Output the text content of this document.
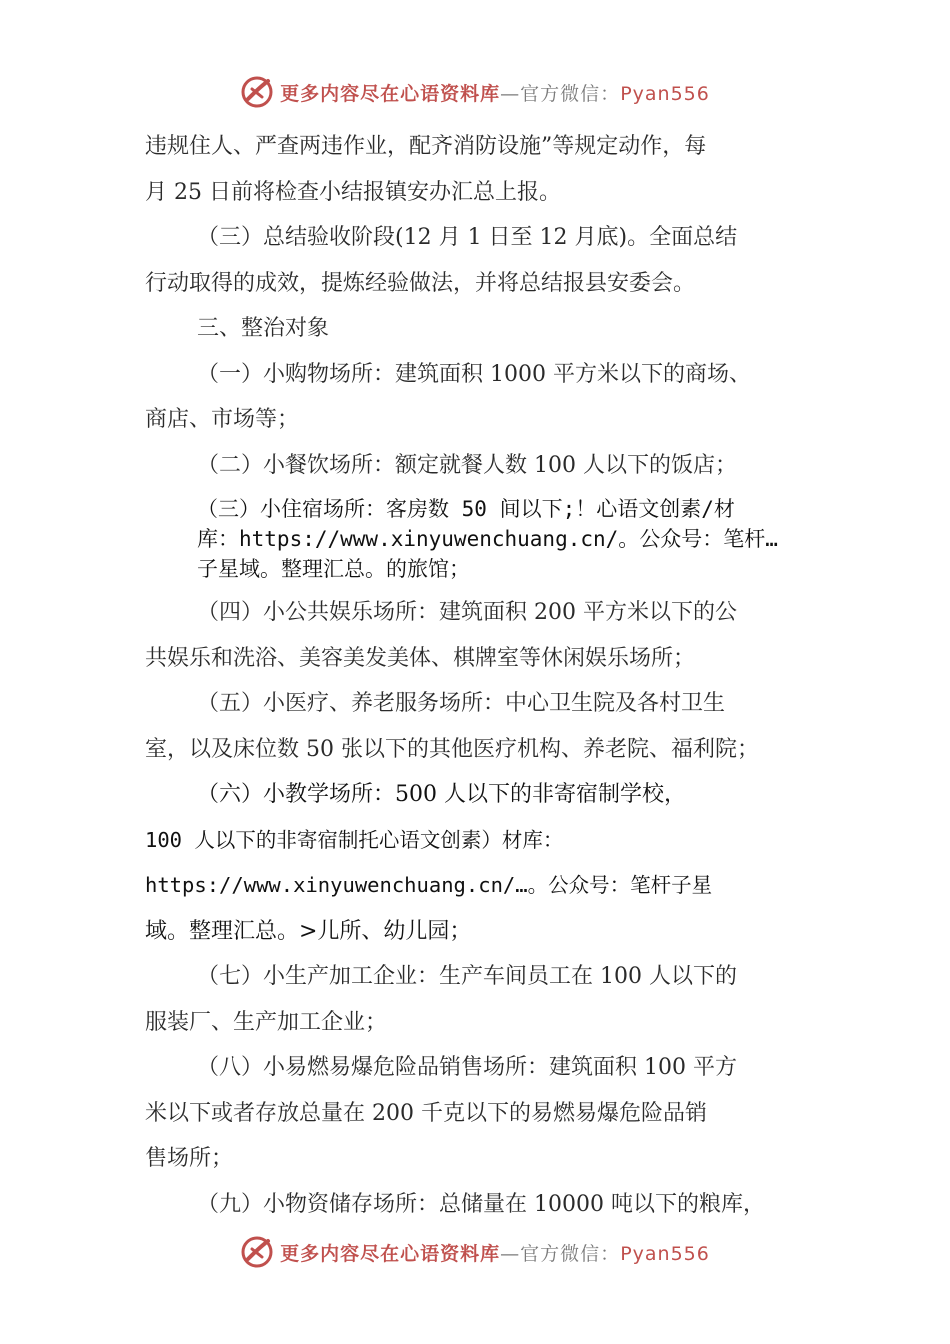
更多内容尽在心语资料库—官方微信：Pyan556

违规住人、严查两违作业，配齐消防设施”等规定动作，每
月 25 日前将检查小结报镇安办汇总上报。

（三）总结验收阶段(12 月 1 日至 12 月底)。全面总结
行动取得的成效，提炼经验做法，并将总结报县安委会。

三、整治对象

（一）小购物场所：建筑面积 1000 平方米以下的商场、
商店、市场等；

（二）小餐饮场所：额定就餐人数 100 人以下的饭店；

（三）小住宿场所：客房数 50 间以下;！心语文创素/材
库：https://www.xinyuwenchuang.cn/。公众号：笔杆…
子星域。整理汇总。的旅馆；

（四）小公共娱乐场所：建筑面积 200 平方米以下的公
共娱乐和洗浴、美容美发美体、棋牌室等休闲娱乐场所；

（五）小医疗、养老服务场所：中心卫生院及各村卫生
室，以及床位数 50 张以下的其他医疗机构、养老院、福利院；

（六）小教学场所：500 人以下的非寄宿制学校，
100 人以下的非寄宿制托心语文创素）材库：
https://www.xinyuwenchuang.cn/…。公众号：笔杆子星
域。整理汇总。>儿所、幼儿园；

（七）小生产加工企业：生产车间员工在 100 人以下的
服装厂、生产加工企业；

（八）小易燃易爆危险品销售场所：建筑面积 100 平方
米以下或者存放总量在 200 千克以下的易燃易爆危险品销
售场所；

（九）小物资储存场所：总储量在 10000 吨以下的粮库，

更多内容尽在心语资料库—官方微信：Pyan556
